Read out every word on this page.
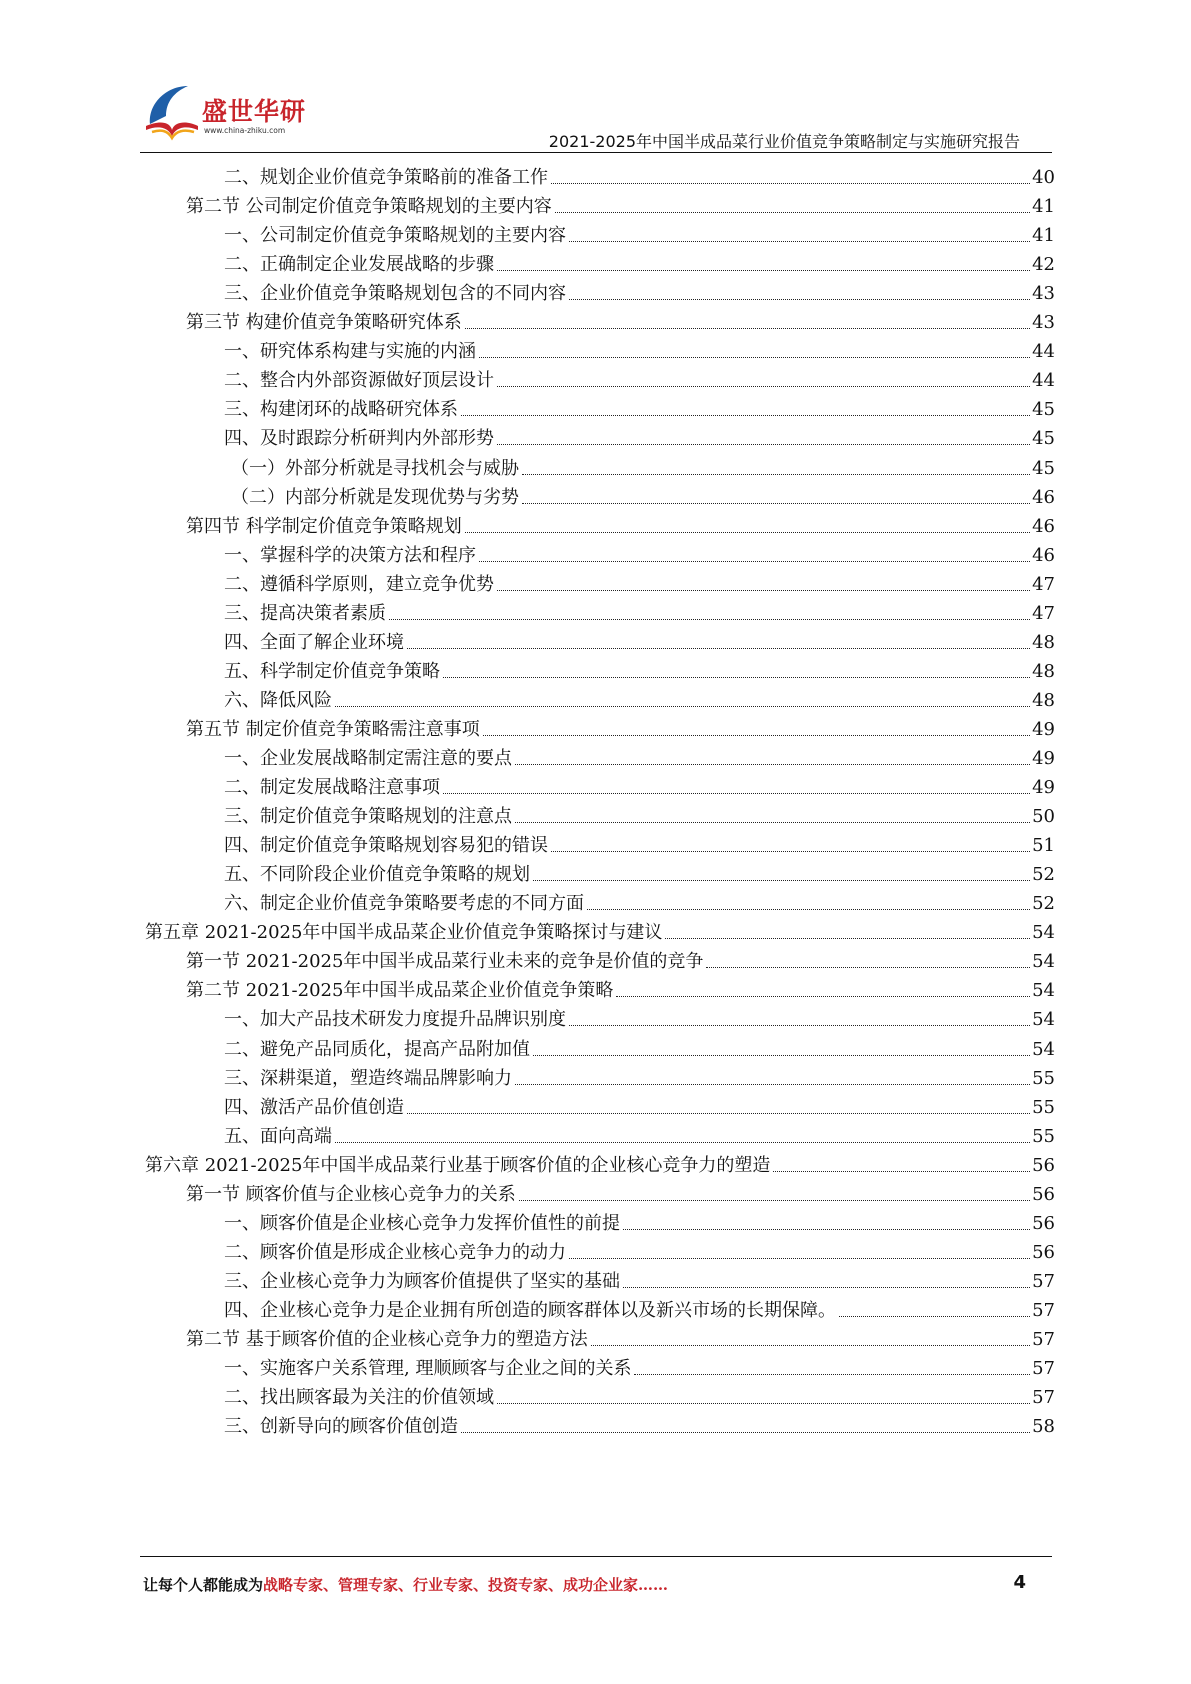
盛世华研
www.china-zhiku.com
2021-2025年中国半成品菜行业价值竞争策略制定与实施研究报告
二、规划企业价值竞争策略前的准备工作	40
第二节 公司制定价值竞争策略规划的主要内容	41
一、公司制定价值竞争策略规划的主要内容	41
二、正确制定企业发展战略的步骤	42
三、企业价值竞争策略规划包含的不同内容	43
第三节 构建价值竞争策略研究体系	43
一、研究体系构建与实施的内涵	44
二、整合内外部资源做好顶层设计	44
三、构建闭环的战略研究体系	45
四、及时跟踪分析研判内外部形势	45
（一）外部分析就是寻找机会与威胁	45
（二）内部分析就是发现优势与劣势	46
第四节 科学制定价值竞争策略规划	46
一、掌握科学的决策方法和程序	46
二、遵循科学原则，建立竞争优势	47
三、提高决策者素质	47
四、全面了解企业环境	48
五、科学制定价值竞争策略	48
六、降低风险	48
第五节 制定价值竞争策略需注意事项	49
一、企业发展战略制定需注意的要点	49
二、制定发展战略注意事项	49
三、制定价值竞争策略规划的注意点	50
四、制定价值竞争策略规划容易犯的错误	51
五、不同阶段企业价值竞争策略的规划	52
六、制定企业价值竞争策略要考虑的不同方面	52
第五章 2021-2025年中国半成品菜企业价值竞争策略探讨与建议	54
第一节 2021-2025年中国半成品菜行业未来的竞争是价值的竞争	54
第二节 2021-2025年中国半成品菜企业价值竞争策略	54
一、加大产品技术研发力度提升品牌识别度	54
二、避免产品同质化，提高产品附加值	54
三、深耕渠道，塑造终端品牌影响力	55
四、激活产品价值创造	55
五、面向高端	55
第六章 2021-2025年中国半成品菜行业基于顾客价值的企业核心竞争力的塑造	56
第一节 顾客价值与企业核心竞争力的关系	56
一、顾客价值是企业核心竞争力发挥价值性的前提	56
二、顾客价值是形成企业核心竞争力的动力	56
三、企业核心竞争力为顾客价值提供了坚实的基础	57
四、企业核心竞争力是企业拥有所创造的顾客群体以及新兴市场的长期保障。	57
第二节 基于顾客价值的企业核心竞争力的塑造方法	57
一、实施客户关系管理, 理顺顾客与企业之间的关系	57
二、找出顾客最为关注的价值领域	57
三、创新导向的顾客价值创造	58
让每个人都能成为战略专家、管理专家、行业专家、投资专家、成功企业家……	4
